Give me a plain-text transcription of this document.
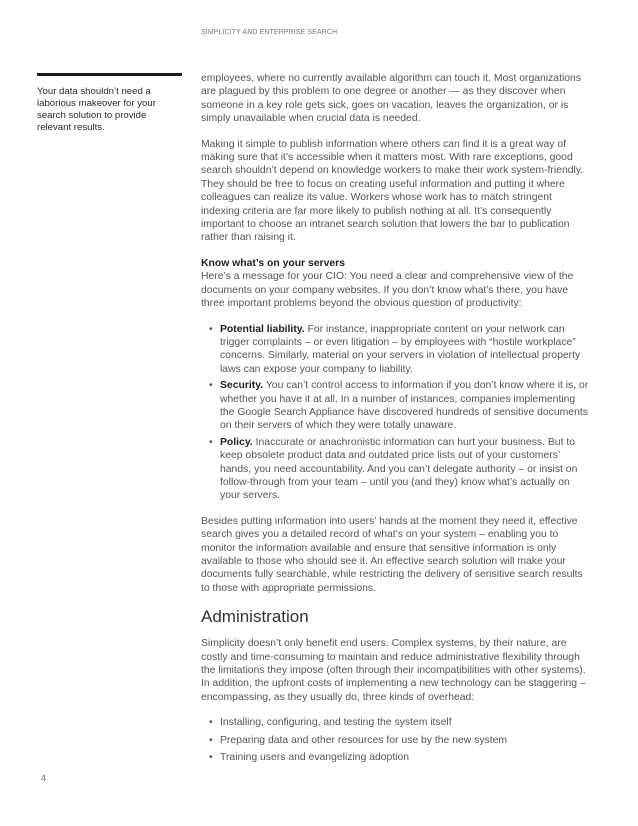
SIMPLICITY AND ENTERPRISE SEARCH
Your data shouldn’t need a laborious makeover for your search solution to provide relevant results.

employees, where no currently available algorithm can touch it. Most organizations are plagued by this problem to one degree or another — as they discover when someone in a key role gets sick, goes on vacation, leaves the organization, or is simply unavailable when crucial data is needed.

Making it simple to publish information where others can find it is a great way of making sure that it’s accessible when it matters most. With rare exceptions, good search shouldn’t depend on knowledge workers to make their work system-friendly. They should be free to focus on creating useful information and putting it where colleagues can realize its value. Workers whose work has to match stringent indexing criteria are far more likely to publish nothing at all. It’s consequently important to choose an intranet search solution that lowers the bar to publication rather than raising it.

Know what’s on your servers

Here’s a message for your CIO: You need a clear and comprehensive view of the documents on your company websites. If you don’t know what’s there, you have three important problems beyond the obvious question of productivity:

• Potential liability. For instance, inappropriate content on your network can trigger complaints – or even litigation – by employees with “hostile workplace” concerns. Similarly, material on your servers in violation of intellectual property laws can expose your company to liability.
• Security. You can’t control access to information if you don’t know where it is, or whether you have it at all. In a number of instances, companies implementing the Google Search Appliance have discovered hundreds of sensitive documents on their servers of which they were totally unaware.
• Policy. Inaccurate or anachronistic information can hurt your business. But to keep obsolete product data and outdated price lists out of your customers’ hands, you need accountability. And you can’t delegate authority – or insist on follow-through from your team – until you (and they) know what’s actually on your servers.

Besides putting information into users’ hands at the moment they need it, effective search gives you a detailed record of what’s on your system – enabling you to monitor the information available and ensure that sensitive information is only available to those who should see it. An effective search solution will make your documents fully searchable, while restricting the delivery of sensitive search results to those with appropriate permissions.

Administration

Simplicity doesn’t only benefit end users. Complex systems, by their nature, are costly and time-consuming to maintain and reduce administrative flexibility through the limitations they impose (often through their incompatibilities with other systems).

In addition, the upfront costs of implementing a new technology can be staggering – encompassing, as they usually do, three kinds of overhead:

• Installing, configuring, and testing the system itself
• Preparing data and other resources for use by the new system
• Training users and evangelizing adoption
4
